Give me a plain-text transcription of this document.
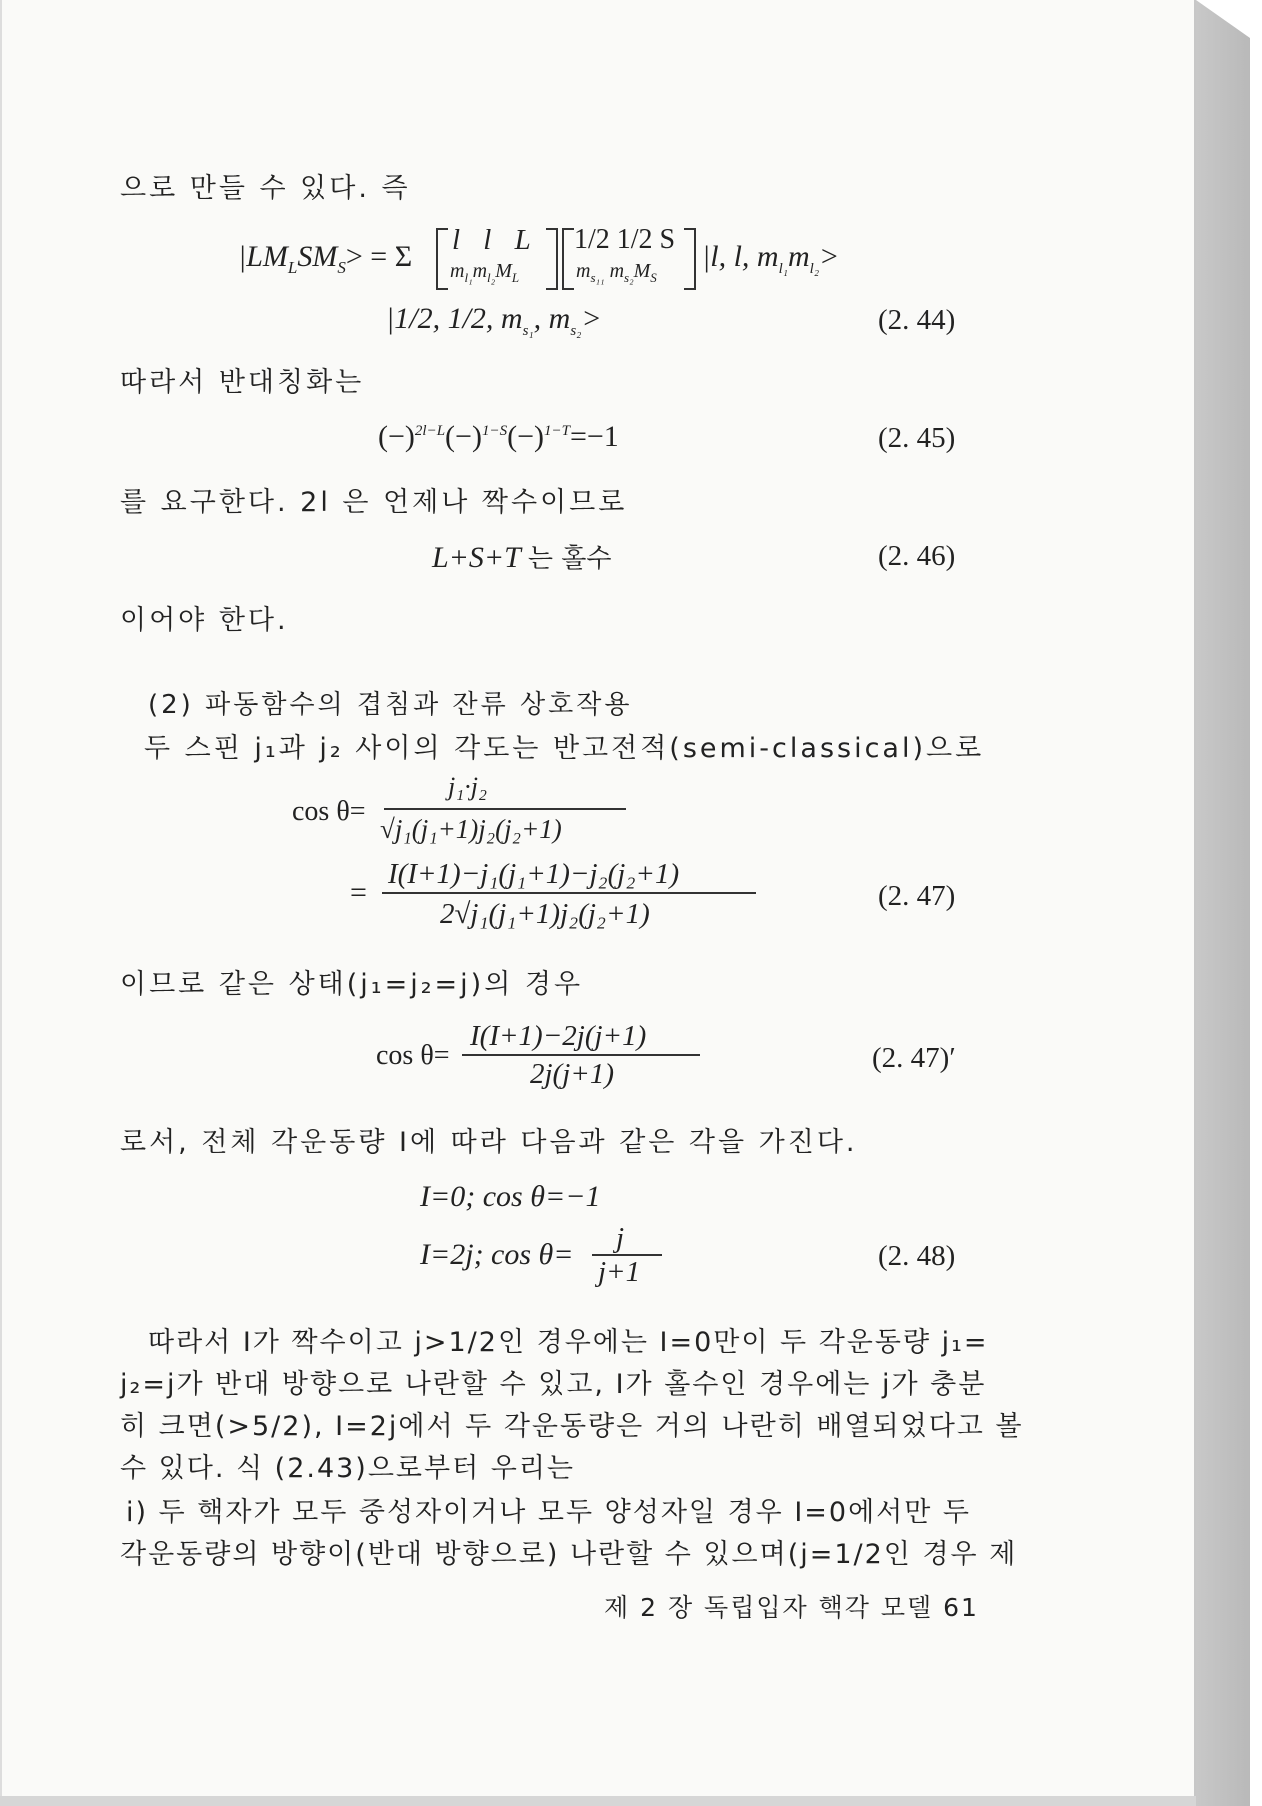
으로 만들 수 있다. 즉
$|LM_LSM_S> = \Sigma$ l l L
$m_{l_1}m_{l_2}M_L$
1/2 1/2 S
$m_{s_{11}}$ $m_{s_2}M_S$
|l, l, $m_{l_1}m_{l_2}>$
|1/2, 1/2, $m_{s_1}$, $m_{s_2}>$	(2. 44)
따라서 반대칭화는
$(-)^{2l-L}(-)^{1-S}(-)^{1-T}=-1$	(2. 45)
를 요구한다. 2l 은 언제나 짝수이므로
L+S+T 는 홀수	(2. 46)
이어야 한다.
(2) 파동함수의 겹침과 잔류 상호작용
두 스핀 j₁과 j₂ 사이의 각도는 반고전적(semi-classical)으로
cos θ=
j₁·j₂
√j₁(j₁+1)j₂(j₂+1)
=
I(I+1)−j₁(j₁+1)−j₂(j₂+1)
2√j₁(j₁+1)j₂(j₂+1)
(2. 47)
이므로 같은 상태(j₁=j₂=j)의 경우
cos θ=
I(I+1)−2j(j+1)
2j(j+1)	(2. 47)′
로서, 전체 각운동량 I에 따라 다음과 같은 각을 가진다.
I=0; cos θ=−1
I=2j; cos θ= j
j+1	(2. 48)
따라서 I가 짝수이고 j>1/2인 경우에는 I=0만이 두 각운동량 j₁=
j₂=j가 반대 방향으로 나란할 수 있고, I가 홀수인 경우에는 j가 충분
히 크면(>5/2), I=2j에서 두 각운동량은 거의 나란히 배열되었다고 볼
수 있다. 식 (2.43)으로부터 우리는
i) 두 핵자가 모두 중성자이거나 모두 양성자일 경우 I=0에서만 두
각운동량의 방향이(반대 방향으로) 나란할 수 있으며(j=1/2인 경우 제
제 2 장 독립입자 핵각 모델 61
